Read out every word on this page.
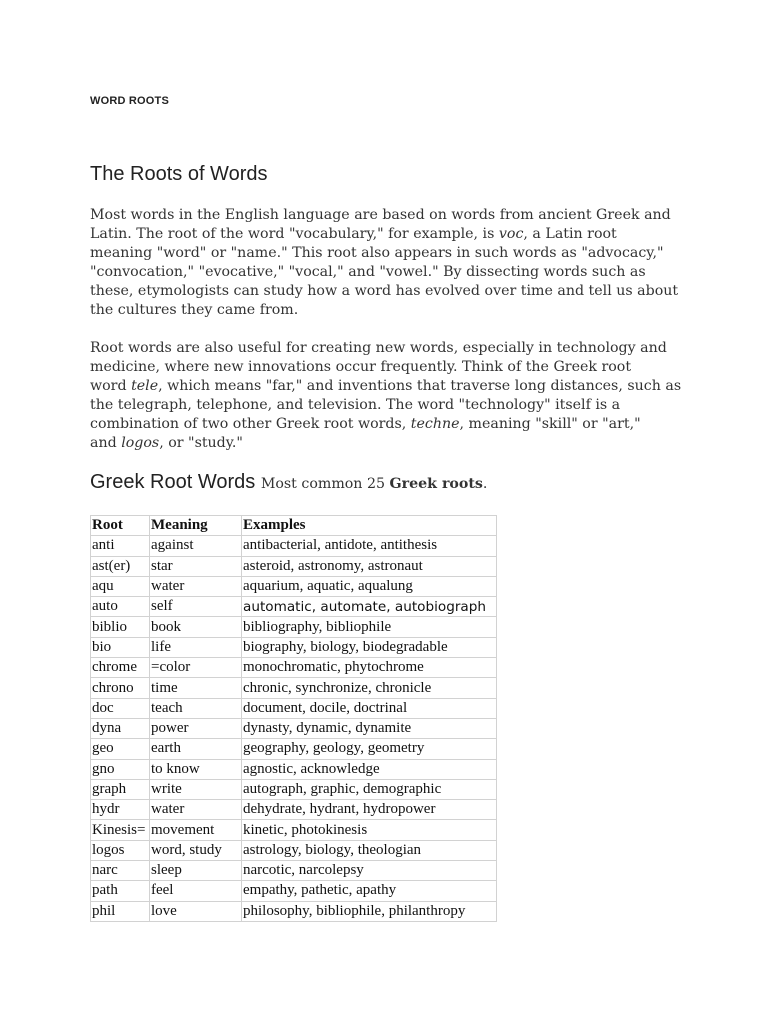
WORD ROOTS
The Roots of Words

Most words in the English language are based on words from ancient Greek and

Latin. The root of the word "vocabulary," for example, is voc, a Latin root

meaning "word" or "name." This root also appears in such words as "advocacy,"

"convocation," "evocative," "vocal," and "vowel." By dissecting words such as

these, etymologists can study how a word has evolved over time and tell us about

the cultures they came from.

Root words are also useful for creating new words, especially in technology and

medicine, where new innovations occur frequently. Think of the Greek root

word tele, which means "far," and inventions that traverse long distances, such as

the telegraph, telephone, and television. The word "technology" itself is a

combination of two other Greek root words, techne, meaning "skill" or "art,"

and logos, or "study."

Greek Root Words Most common 25 Greek roots.
Root	Meaning	Examples
anti	against	antibacterial, antidote, antithesis
ast(er)	star	asteroid, astronomy, astronaut
aqu	water	aquarium, aquatic, aqualung
auto	self	automatic, automate, autobiograph
biblio	book	bibliography, bibliophile
bio	life	biography, biology, biodegradable
chrome	=color	monochromatic, phytochrome
chrono	time	chronic, synchronize, chronicle
doc	teach	document, docile, doctrinal
dyna	power	dynasty, dynamic, dynamite
geo	earth	geography, geology, geometry
gno	to know	agnostic, acknowledge
graph	write	autograph, graphic, demographic
hydr	water	dehydrate, hydrant, hydropower
Kinesis=	movement	kinetic, photokinesis
logos	word, study	astrology, biology, theologian
narc	sleep	narcotic, narcolepsy
path	feel	empathy, pathetic, apathy
phil	love	philosophy, bibliophile, philanthropy
